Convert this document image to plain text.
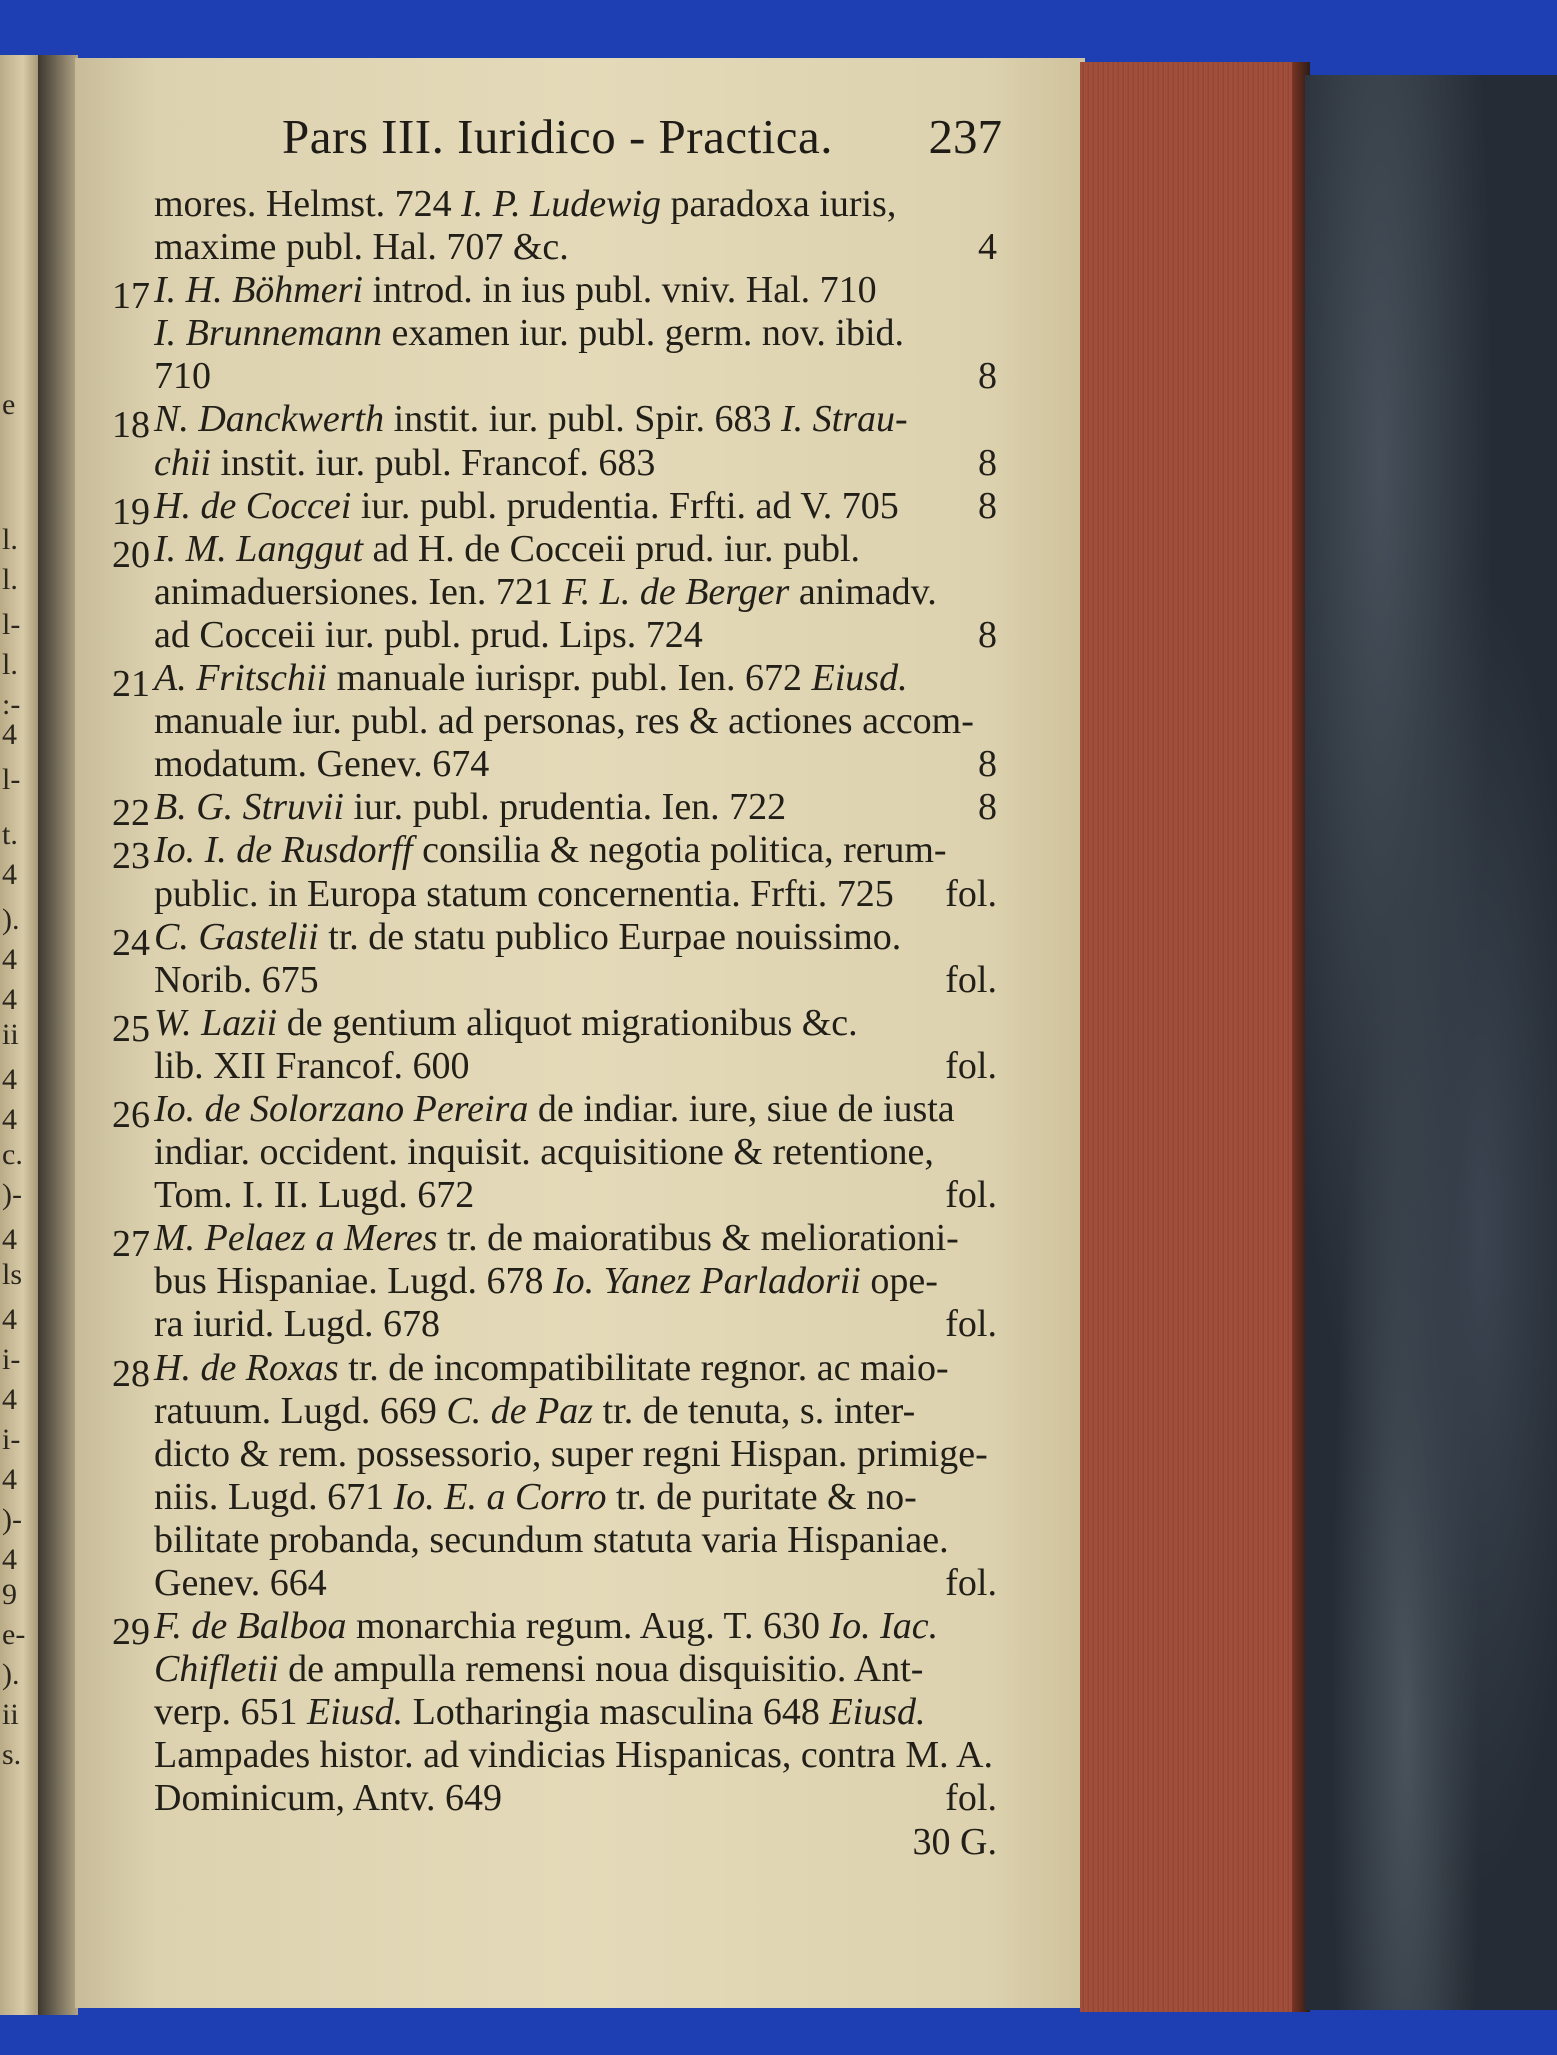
e
l.
l.
l-
l.
:-
4
l-
t.
4
).
4
4
ii
4
4
c.
)-
4
ls
4
i-
4
i-
4
)-
4
9
e-
).
ii
s.
Pars III. Iuridico - Practica. 237
mores. Helmst. 724 I. P. Ludewig paradoxa iuris,
maxime publ. Hal. 707 &c.	4
17 I. H. Böhmeri introd. in ius publ. vniv. Hal. 710
I. Brunnemann examen iur. publ. germ. nov. ibid.
710	8
18 N. Danckwerth instit. iur. publ. Spir. 683 I. Strau-
chii instit. iur. publ. Francof. 683	8
19 H. de Coccei iur. publ. prudentia. Frfti. ad V. 705 8
20 I. M. Langgut ad H. de Cocceii prud. iur. publ.
animaduersiones. Ien. 721 F. L. de Berger animadv.
ad Cocceii iur. publ. prud. Lips. 724	8
21 A. Fritschii manuale iurispr. publ. Ien. 672 Eiusd.
manuale iur. publ. ad personas, res & actiones accom-
modatum. Genev. 674	8
22 B. G. Struvii iur. publ. prudentia. Ien. 722	8
23 Io. I. de Rusdorff consilia & negotia politica, rerum-
public. in Europa statum concernentia. Frfti. 725 fol.
24 C. Gastelii tr. de statu publico Eurpae nouissimo.
Norib. 675	fol.
25 W. Lazii de gentium aliquot migrationibus &c.
lib. XII Francof. 600	fol.
26 Io. de Solorzano Pereira de indiar. iure, siue de iusta
indiar. occident. inquisit. acquisitione & retentione,
Tom. I. II. Lugd. 672	fol.
27 M. Pelaez a Meres tr. de maioratibus & meliorationi-
bus Hispaniae. Lugd. 678 Io. Yanez Parladorii ope-
ra iurid. Lugd. 678	fol.
28 H. de Roxas tr. de incompatibilitate regnor. ac maio-
ratuum. Lugd. 669 C. de Paz tr. de tenuta, s. inter-
dicto & rem. possessorio, super regni Hispan. primige-
niis. Lugd. 671 Io. E. a Corro tr. de puritate & no-
bilitate probanda, secundum statuta varia Hispaniae.
Genev. 664	fol.
29 F. de Balboa monarchia regum. Aug. T. 630 Io. Iac.
Chifletii de ampulla remensi noua disquisitio. Ant-
verp. 651 Eiusd. Lotharingia masculina 648 Eiusd.
Lampades histor. ad vindicias Hispanicas, contra M. A.
Dominicum, Antv. 649	fol.
30 G.
